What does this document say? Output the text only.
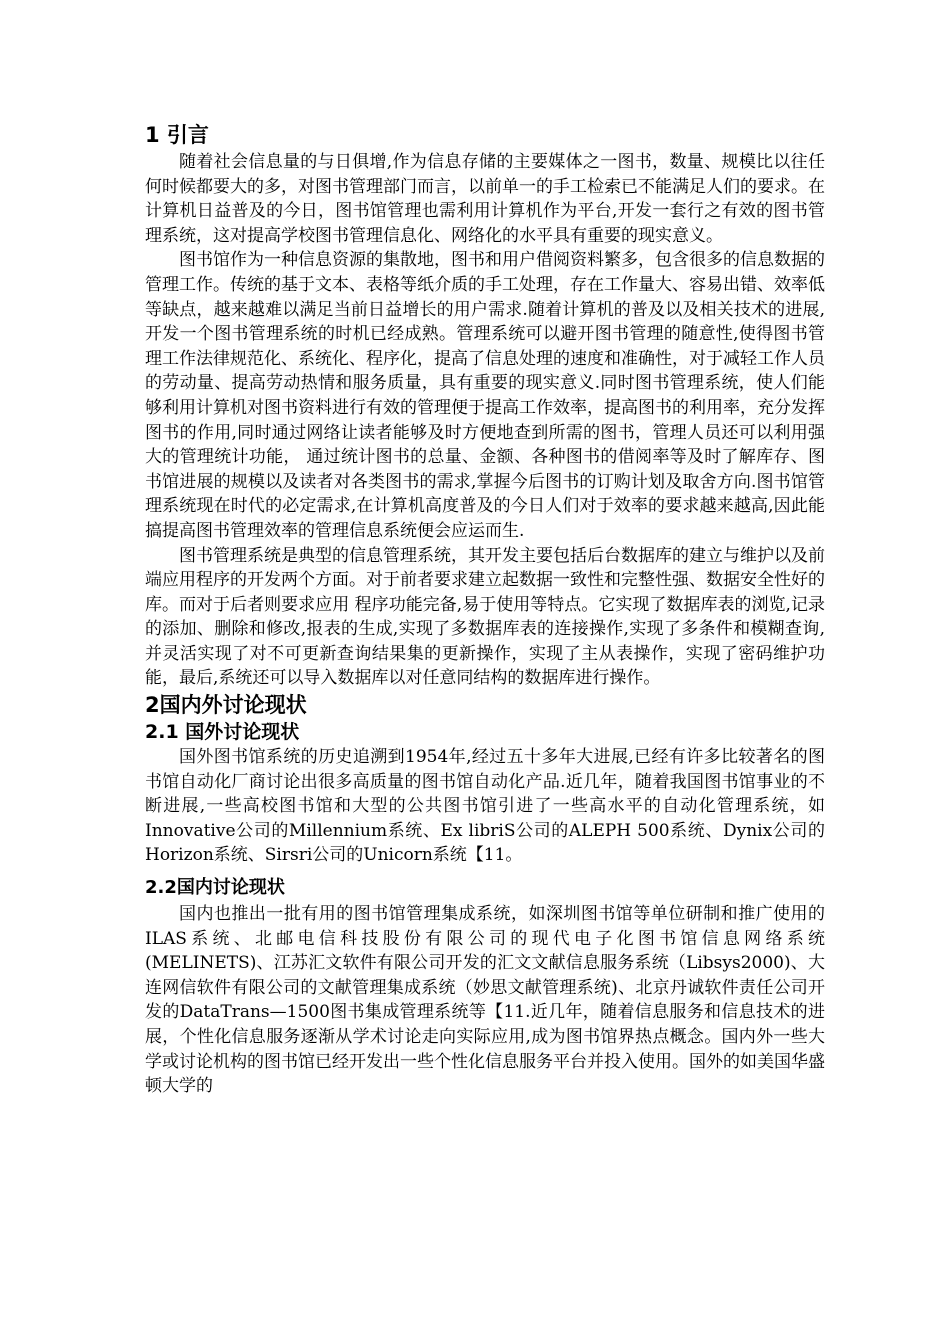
1 引言

随着社会信息量的与日俱增,作为信息存储的主要媒体之一图书，数量、规模比以往任何时候都要大的多，对图书管理部门而言，以前单一的手工检索已不能满足人们的要求。在计算机日益普及的今日，图书馆管理也需利用计算机作为平台,开发一套行之有效的图书管理系统，这对提高学校图书管理信息化、网络化的水平具有重要的现实意义。

图书馆作为一种信息资源的集散地，图书和用户借阅资料繁多，包含很多的信息数据的管理工作。传统的基于文本、表格等纸介质的手工处理，存在工作量大、容易出错、效率低等缺点，越来越难以满足当前日益增长的用户需求.随着计算机的普及以及相关技术的进展,开发一个图书管理系统的时机已经成熟。管理系统可以避开图书管理的随意性,使得图书管理工作法律规范化、系统化、程序化，提高了信息处理的速度和准确性，对于减轻工作人员的劳动量、提高劳动热情和服务质量，具有重要的现实意义.同时图书管理系统，使人们能够利用计算机对图书资料进行有效的管理便于提高工作效率，提高图书的利用率，充分发挥图书的作用,同时通过网络让读者能够及时方便地查到所需的图书，管理人员还可以利用强大的管理统计功能， 通过统计图书的总量、金额、各种图书的借阅率等及时了解库存、图书馆进展的规模以及读者对各类图书的需求,掌握今后图书的订购计划及取舍方向.图书馆管理系统现在时代的必定需求,在计算机高度普及的今日人们对于效率的要求越来越高,因此能搞提高图书管理效率的管理信息系统便会应运而生.

图书管理系统是典型的信息管理系统，其开发主要包括后台数据库的建立与维护以及前端应用程序的开发两个方面。对于前者要求建立起数据一致性和完整性强、数据安全性好的库。而对于后者则要求应用 程序功能完备,易于使用等特点。它实现了数据库表的浏览,记录的添加、删除和修改,报表的生成,实现了多数据库表的连接操作,实现了多条件和模糊查询,并灵活实现了对不可更新查询结果集的更新操作，实现了主从表操作，实现了密码维护功能，最后,系统还可以导入数据库以对任意同结构的数据库进行操作。

2国内外讨论现状
2.1 国外讨论现状

国外图书馆系统的历史追溯到1954年,经过五十多年大进展,已经有许多比较著名的图书馆自动化厂商讨论出很多高质量的图书馆自动化产品.近几年，随着我国图书馆事业的不断进展,一些高校图书馆和大型的公共图书馆引进了一些高水平的自动化管理系统，如Innovative公司的Millennium系统、Ex libriS公司的ALEPH 500系统、Dynix公司的Horizon系统、Sirsri公司的Unicorn系统【11。

2.2国内讨论现状

国内也推出一批有用的图书馆管理集成系统，如深圳图书馆等单位研制和推广使用的ILAS系统、北邮电信科技股份有限公司的现代电子化图书馆信息网络系统(MELINETS)、江苏汇文软件有限公司开发的汇文文献信息服务系统（Libsys2000)、大连网信软件有限公司的文献管理集成系统（妙思文献管理系统)、北京丹诚软件责任公司开发的DataTrans—1500图书集成管理系统等【11.近几年，随着信息服务和信息技术的进展，个性化信息服务逐渐从学术讨论走向实际应用,成为图书馆界热点概念。国内外一些大学或讨论机构的图书馆已经开发出一些个性化信息服务平台并投入使用。国外的如美国华盛顿大学的
